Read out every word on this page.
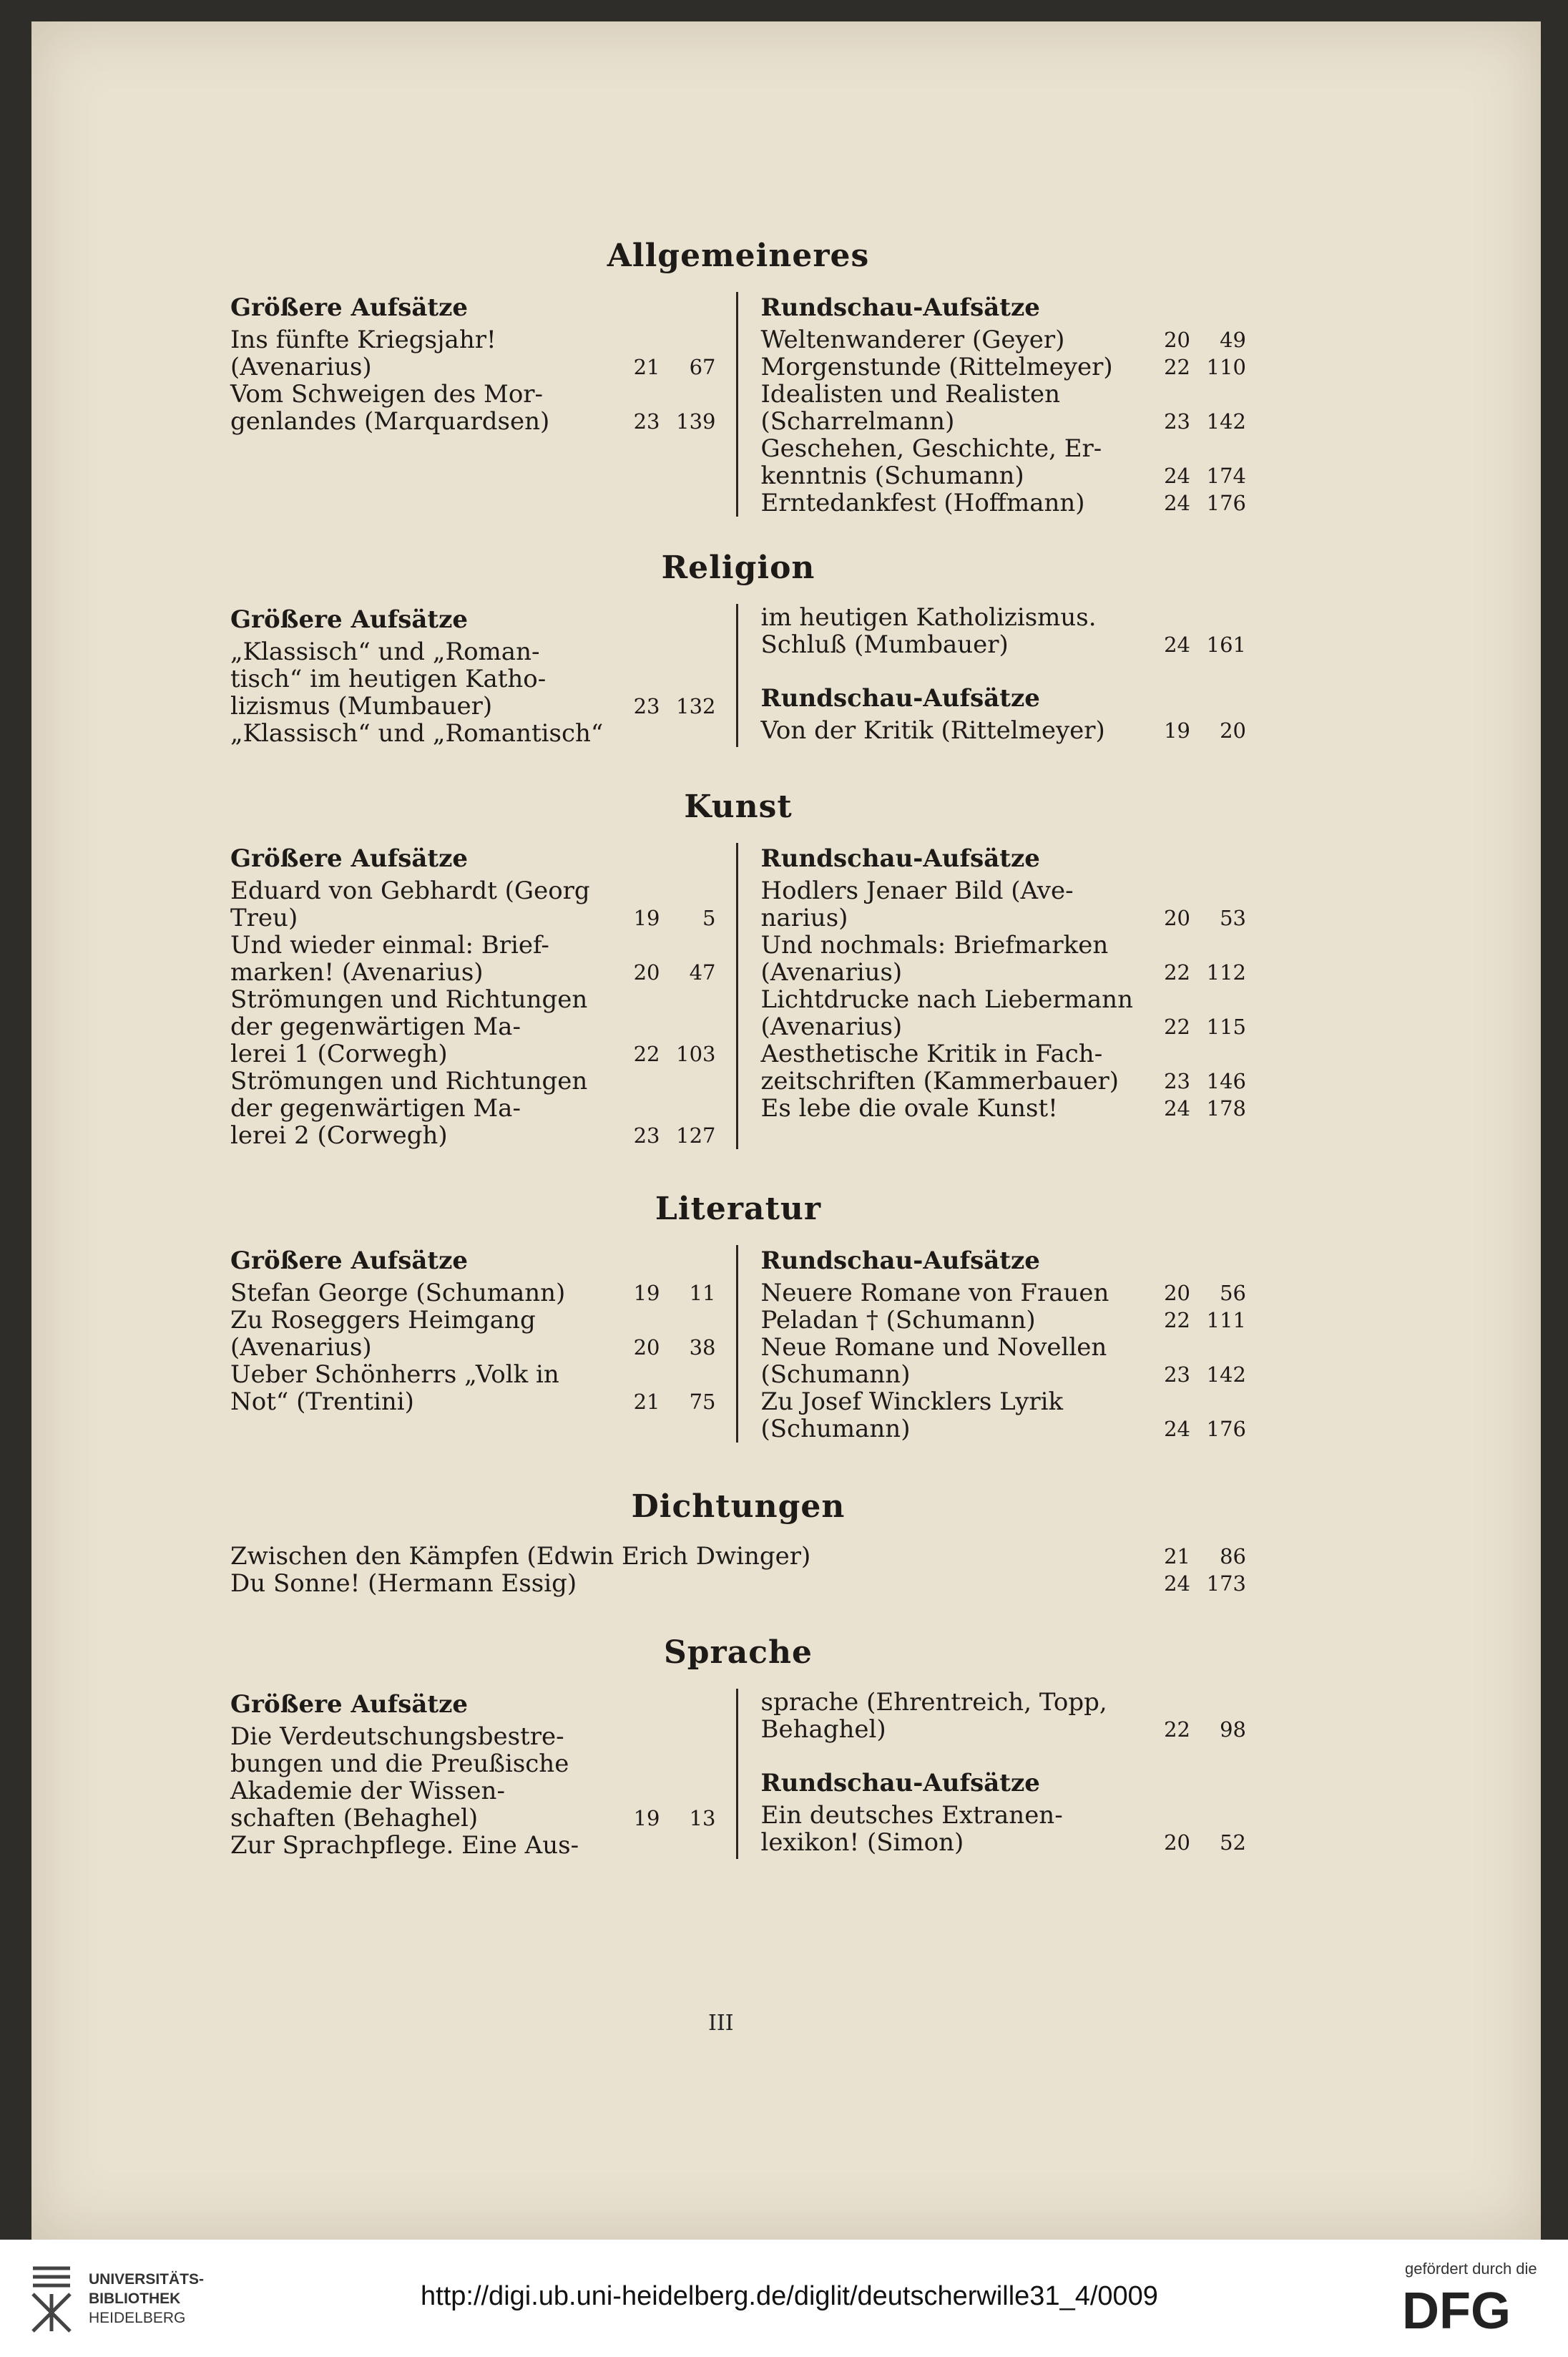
Allgemeineres
Größere Aufsätze
Ins fünfte Kriegsjahr!
(Avenarius)	21	67
Vom Schweigen des Mor-
genlandes (Marquardsen)	23 139
Rundschau-Aufsätze
Weltenwanderer (Geyer)	20	49
Morgenstunde (Rittelmeyer)	22 110
Idealisten und Realisten
(Scharrelmann)	23 142
Geschehen, Geschichte, Er-
kenntnis (Schumann)	24 174
Erntedankfest (Hoffmann)	24 176
Religion
Größere Aufsätze
„Klassisch“ und „Roman-
tisch“ im heutigen Katho-
lizismus (Mumbauer)	23 132
„Klassisch“ und „Romantisch“
im heutigen Katholizismus.
Schluß (Mumbauer)	24 161
Rundschau-Aufsätze
Von der Kritik (Rittelmeyer)	19	20
Kunst
Größere Aufsätze
Eduard von Gebhardt (Georg
Treu)	19	5
Und wieder einmal: Brief-
marken! (Avenarius)	20	47
Strömungen und Richtungen
der gegenwärtigen Ma-
lerei 1 (Corwegh)	22 103
Strömungen und Richtungen
der gegenwärtigen Ma-
lerei 2 (Corwegh)	23 127
Rundschau-Aufsätze
Hodlers Jenaer Bild (Ave-
narius)	20	53
Und nochmals: Briefmarken
(Avenarius)	22 112
Lichtdrucke nach Liebermann
(Avenarius)	22 115
Aesthetische Kritik in Fach-
zeitschriften (Kammerbauer)	23 146
Es lebe die ovale Kunst!	24 178
Literatur
Größere Aufsätze
Stefan George (Schumann)	19	11
Zu Roseggers Heimgang
(Avenarius)	20	38
Ueber Schönherrs „Volk in
Not“ (Trentini)	21	75
Rundschau-Aufsätze
Neuere Romane von Frauen	20	56
Peladan † (Schumann)	22 111
Neue Romane und Novellen
(Schumann)	23 142
Zu Josef Wincklers Lyrik
(Schumann)	24 176
Dichtungen
Zwischen den Kämpfen (Edwin Erich Dwinger)	21	86
Du Sonne! (Hermann Essig)	24 173
Sprache
Größere Aufsätze
Die Verdeutschungsbestre-
bungen und die Preußische
Akademie der Wissen-
schaften (Behaghel)	19	13
Zur Sprachpflege. Eine Aus-
sprache (Ehrentreich, Topp,
Behaghel)	22	98
Rundschau-Aufsätze
Ein deutsches Extranen-
lexikon! (Simon)	20	52
III
UNIVERSITÄTS-
BIBLIOTHEK
HEIDELBERG
http://digi.ub.uni-heidelberg.de/diglit/deutscherwille31_4/0009
gefördert durch die
DFG
